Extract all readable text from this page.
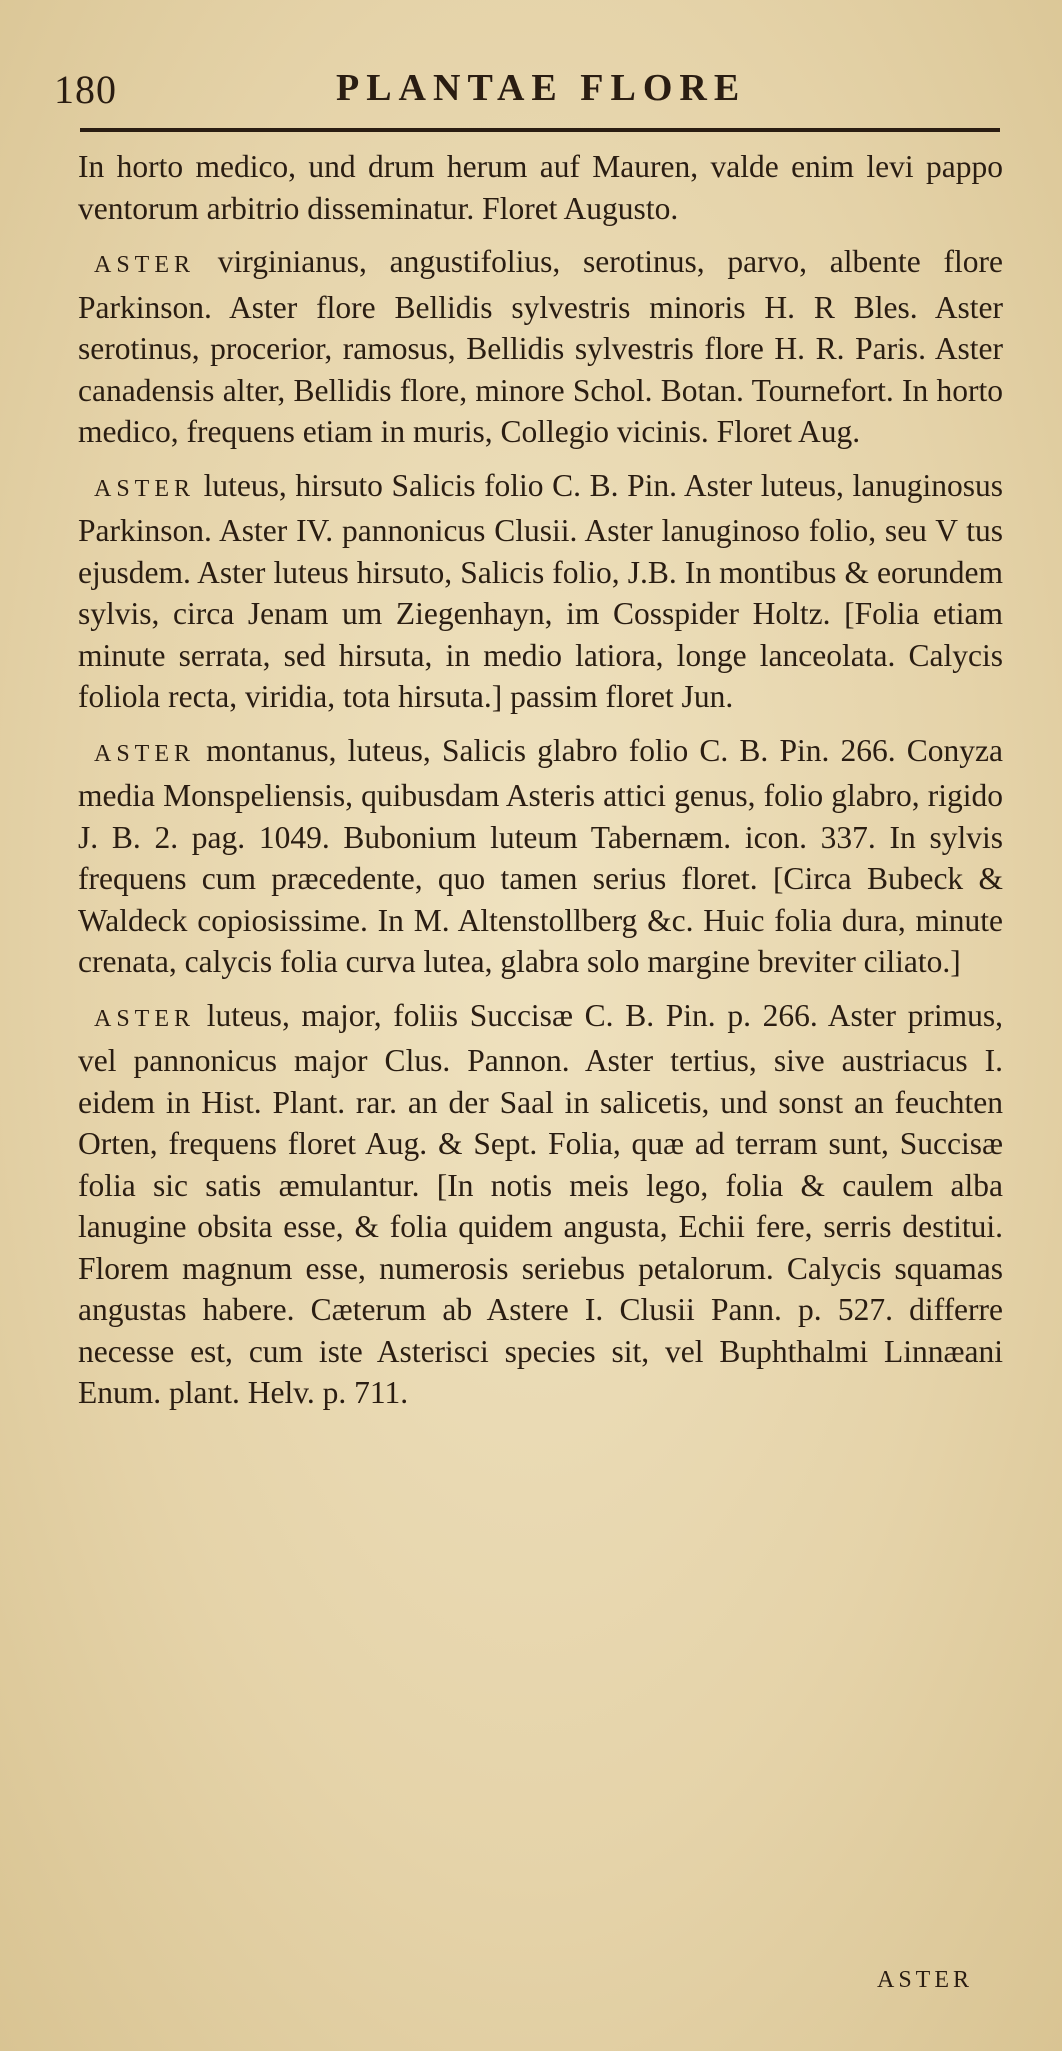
180	PLANTAE FLORE

In horto medico, und drum herum auf Mauren, valde enim levi pappo ventorum arbitrio disseminatur. Floret Augusto.

ASTER virginianus, angustifolius, serotinus, parvo, albente flore Parkinson. Aster flore Bellidis sylvestris minoris H. R Bles. Aster serotinus, procerior, ramosus, Bellidis sylvestris flore H. R. Paris. Aster canadensis alter, Bellidis flore, minore Schol. Botan. Tournefort. In horto medico, frequens etiam in muris, Collegio vicinis. Floret Aug.

ASTER luteus, hirsuto Salicis folio C. B. Pin. Aster luteus, lanuginosus Parkinson. Aster IV. pannonicus Clusii. Aster lanuginoso folio, seu V tus ejusdem. Aster luteus hirsuto, Salicis folio, J.B. In montibus & eorundem sylvis, circa Jenam um Ziegenhayn, im Cosspider Holtz. [Folia etiam minute serrata, sed hirsuta, in medio latiora, longe lanceolata. Calycis foliola recta, viridia, tota hirsuta.] passim floret Jun.

ASTER montanus, luteus, Salicis glabro folio C. B. Pin. 266. Conyza media Monspeliensis, quibusdam Asteris attici genus, folio glabro, rigido J. B. 2. pag. 1049. Bubonium luteum Tabernæm. icon. 337. In sylvis frequens cum præcedente, quo tamen serius floret. [Circa Bubeck & Waldeck copiosissime. In M. Altenstollberg &c. Huic folia dura, minute crenata, calycis folia curva lutea, glabra solo margine breviter ciliato.]

ASTER luteus, major, foliis Succisæ C. B. Pin. p. 266. Aster primus, vel pannonicus major Clus. Pannon. Aster tertius, sive austriacus I. eidem in Hist. Plant. rar. an der Saal in salicetis, und sonst an feuchten Orten, frequens floret Aug. & Sept. Folia, quæ ad terram sunt, Succisæ folia sic satis æmulantur. [In notis meis lego, folia & caulem alba lanugine obsita esse, & folia quidem angusta, Echii fere, serris destitui. Florem magnum esse, numerosis seriebus petalorum. Calycis squamas angustas habere. Cæterum ab Astere I. Clusii Pann. p. 527. differre necesse est, cum iste Asterisci species sit, vel Buphthalmi Linnæani Enum. plant. Helv. p. 711.

ASTER
